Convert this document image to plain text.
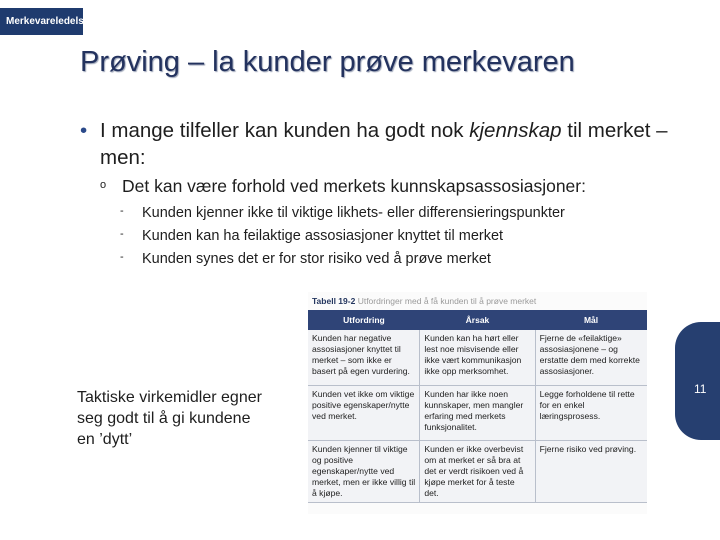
Merkevareledelse
Prøving – la kunder prøve merkevaren
• I mange tilfeller kan kunden ha godt nok kjennskap til merket – men:
o Det kan være forhold ved merkets kunnskapsassosiasjoner:
- Kunden kjenner ikke til viktige likhets- eller differensieringspunkter
- Kunden kan ha feilaktige assosiasjoner knyttet til merket
- Kunden synes det er for stor risiko ved å prøve merket
Taktiske virkemidler egner seg godt til å gi kundene en ’dytt’
Tabell 19-2 Utfordringer med å få kunden til å prøve merket
Utfordring	Årsak	Mål
Kunden har negative assosiasjoner knyttet til merket – som ikke er basert på egen vurdering.	Kunden kan ha hørt eller lest noe misvisende eller ikke vært kommunikasjon ikke opp merksomhet.	Fjerne de «feilaktige» assosiasjonene – og erstatte dem med korrekte assosiasjoner.
Kunden vet ikke om viktige positive egenskaper/nytte ved merket.	Kunden har ikke noen kunnskaper, men mangler erfaring med merkets funksjonalitet.	Legge forholdene til rette for en enkel læringsprosess.
Kunden kjenner til viktige og positive egenskaper/nytte ved merket, men er ikke villig til å kjøpe.	Kunden er ikke overbevist om at merket er så bra at det er verdt risikoen ved å kjøpe merket for å teste det.	Fjerne risiko ved prøving.
11
